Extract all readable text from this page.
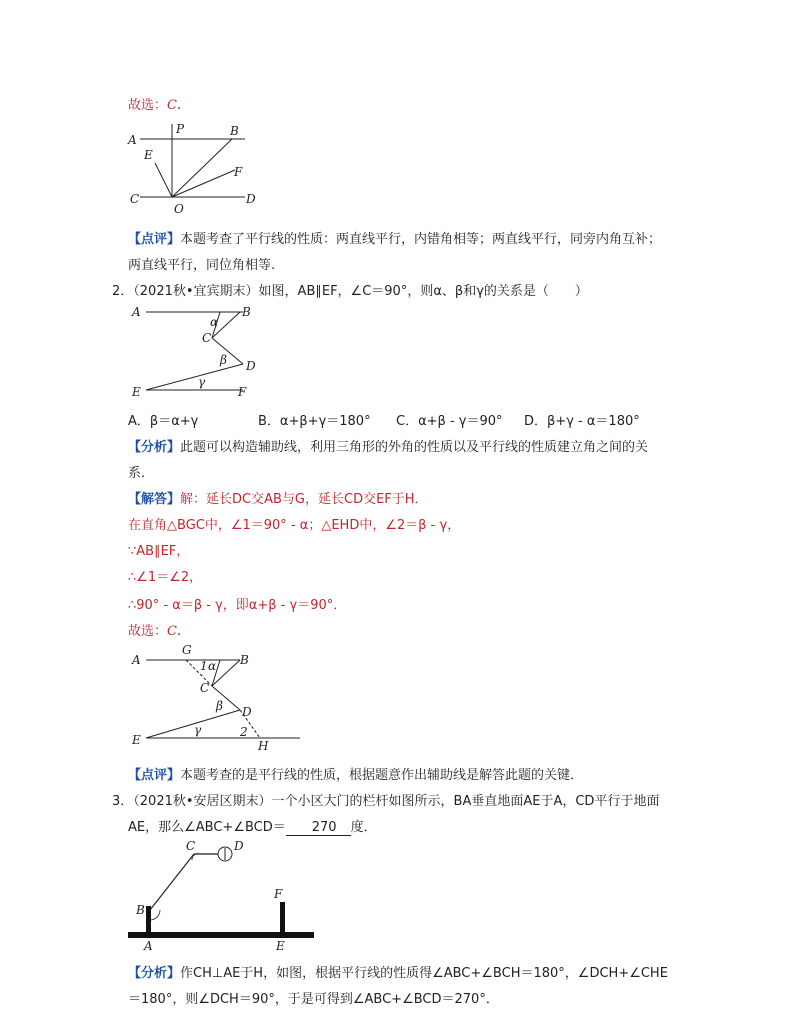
故选：C.
A
P	B
E
F
C
O
D
【点评】本题考查了平行线的性质：两直线平行，内错角相等；两直线平行，同旁内角互补；
两直线平行，同位角相等.
2．（2021秋•宜宾期末）如图，AB∥EF，∠C＝90°，则α、β和γ的关系是（　　）
A	B
α
C
β D
E
γ
F
A．β＝α+γ	B．α+β+γ＝180° C．α+β - γ＝90° D．β+γ - α＝180°
【分析】此题可以构造辅助线，利用三角形的外角的性质以及平行线的性质建立角之间的关
系．
【解答】解：延长DC交AB与G，延长CD交EF于H．
在直角△BGC中，∠1＝90° - α；△EHD中，∠2＝β - γ，
∵AB∥EF，
∴∠1＝∠2，
∴90° - α＝β - γ，即α+β - γ＝90°．
故选：C.
A
G
1 α B
C
β D
E
γ	2
H
【点评】本题考查的是平行线的性质，根据题意作出辅助线是解答此题的关键．
3．（2021秋•安居区期末）一个小区大门的栏杆如图所示，BA垂直地面AE于A，CD平行于地面
AE，那么∠ABC+∠BCD＝ 270 度．
C	D
B
F
A	E
【分析】作CH⊥AE于H，如图，根据平行线的性质得∠ABC+∠BCH＝180°，∠DCH+∠CHE
＝180°，则∠DCH＝90°，于是可得到∠ABC+∠BCD＝270°．
